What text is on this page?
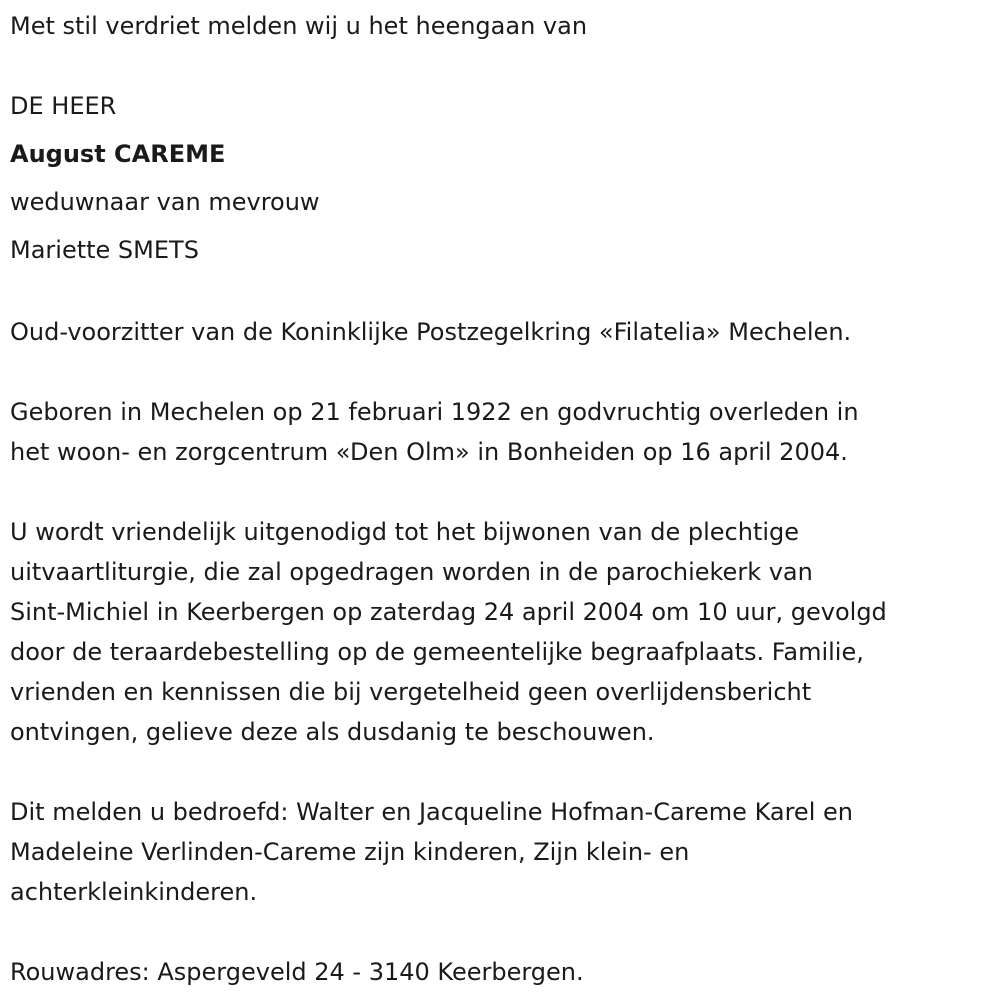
Met stil verdriet melden wij u het heengaan van
DE HEER
August CAREME
weduwnaar van mevrouw
Mariette SMETS
Oud-voorzitter van de Koninklijke Postzegelkring «Filatelia» Mechelen.
Geboren in Mechelen op 21 februari 1922 en godvruchtig overleden in
het woon- en zorgcentrum «Den Olm» in Bonheiden op 16 april 2004.
U wordt vriendelijk uitgenodigd tot het bijwonen van de plechtige
uitvaartliturgie, die zal opgedragen worden in de parochiekerk van
Sint-Michiel in Keerbergen op zaterdag 24 april 2004 om 10 uur, gevolgd
door de teraardebestelling op de gemeentelijke begraafplaats. Familie,
vrienden en kennissen die bij vergetelheid geen overlijdensbericht
ontvingen, gelieve deze als dusdanig te beschouwen.
Dit melden u bedroefd: Walter en Jacqueline Hofman-Careme Karel en
Madeleine Verlinden-Careme zijn kinderen, Zijn klein- en
achterkleinkinderen.
Rouwadres: Aspergeveld 24 - 3140 Keerbergen.
